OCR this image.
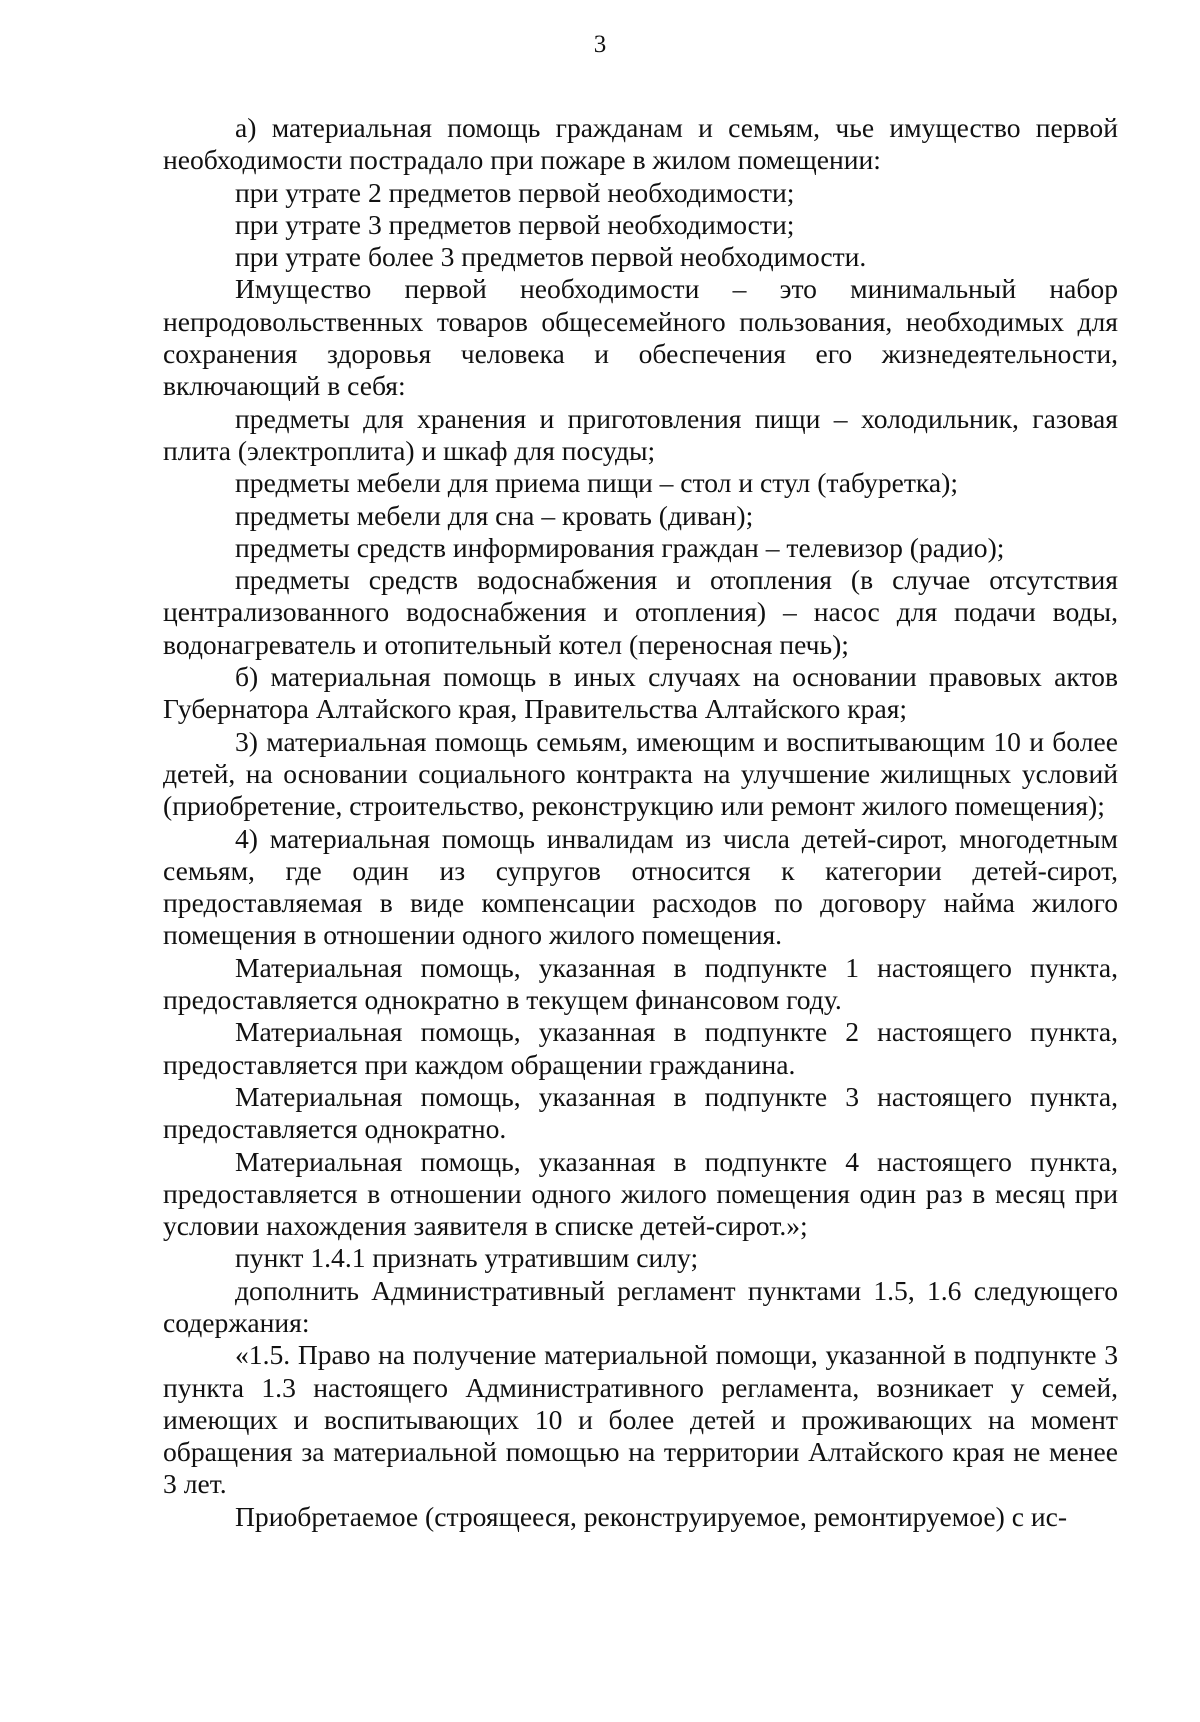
3

а) материальная помощь гражданам и семьям, чье имущество первой необходимости пострадало при пожаре в жилом помещении:

при утрате 2 предметов первой необходимости;

при утрате 3 предметов первой необходимости;

при утрате более 3 предметов первой необходимости.

Имущество первой необходимости – это минимальный набор непродовольственных товаров общесемейного пользования, необходимых для сохранения здоровья человека и обеспечения его жизнедеятельности, включающий в себя:

предметы для хранения и приготовления пищи – холодильник, газовая плита (электроплита) и шкаф для посуды;

предметы мебели для приема пищи – стол и стул (табуретка);

предметы мебели для сна – кровать (диван);

предметы средств информирования граждан – телевизор (радио);

предметы средств водоснабжения и отопления (в случае отсутствия централизованного водоснабжения и отопления) – насос для подачи воды, водонагреватель и отопительный котел (переносная печь);

б) материальная помощь в иных случаях на основании правовых актов Губернатора Алтайского края, Правительства Алтайского края;

3) материальная помощь семьям, имеющим и воспитывающим 10 и более детей, на основании социального контракта на улучшение жилищных условий (приобретение, строительство, реконструкцию или ремонт жилого помещения);

4) материальная помощь инвалидам из числа детей-сирот, многодетным семьям, где один из супругов относится к категории детей-сирот, предоставляемая в виде компенсации расходов по договору найма жилого помещения в отношении одного жилого помещения.

Материальная помощь, указанная в подпункте 1 настоящего пункта, предоставляется однократно в текущем финансовом году.

Материальная помощь, указанная в подпункте 2 настоящего пункта, предоставляется при каждом обращении гражданина.

Материальная помощь, указанная в подпункте 3 настоящего пункта, предоставляется однократно.

Материальная помощь, указанная в подпункте 4 настоящего пункта, предоставляется в отношении одного жилого помещения один раз в месяц при условии нахождения заявителя в списке детей-сирот.»;

пункт 1.4.1 признать утратившим силу;

дополнить Административный регламент пунктами 1.5, 1.6 следующего содержания:

«1.5. Право на получение материальной помощи, указанной в подпункте 3 пункта 1.3 настоящего Административного регламента, возникает у семей, имеющих и воспитывающих 10 и более детей и проживающих на момент обращения за материальной помощью на территории Алтайского края не менее 3 лет.

Приобретаемое (строящееся, реконструируемое, ремонтируемое) с ис-
